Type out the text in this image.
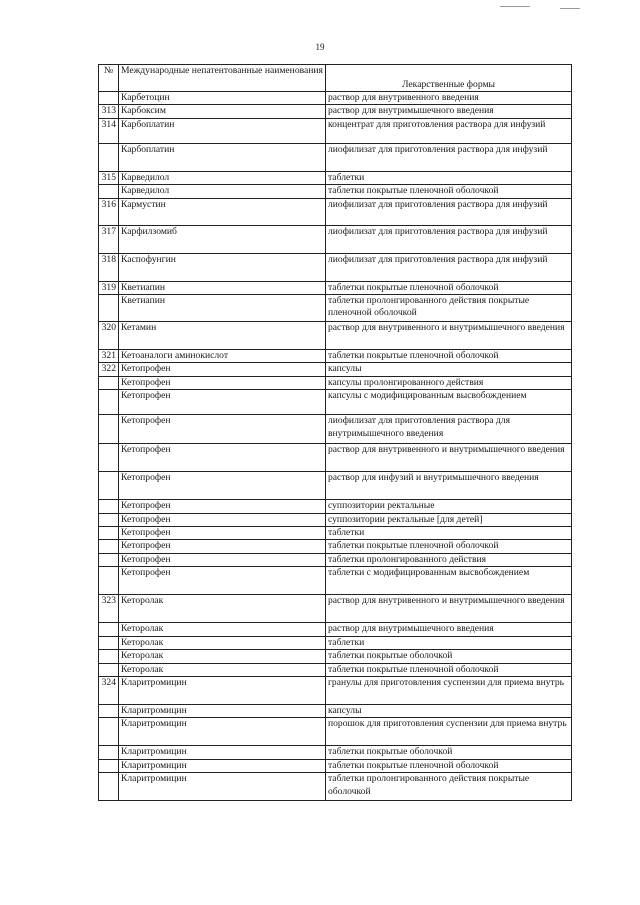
19
№	Международные непатентованные наименования	Лекарственные формы
	Карбетоцин	раствор для внутривенного введения
313	Карбоксим	раствор для внутримышечного введения
314	Карбоплатин	концентрат для приготовления раствора для инфузий
	Карбоплатин	лиофилизат для приготовления раствора для инфузий
315	Карведилол	таблетки
	Карведилол	таблетки покрытые пленочной оболочкой
316	Кармустин	лиофилизат для приготовления раствора для инфузий
317	Карфилзомиб	лиофилизат для приготовления раствора для инфузий
318	Каспофунгин	лиофилизат для приготовления раствора для инфузий
319	Кветиапин	таблетки покрытые пленочной оболочкой
	Кветиапин	таблетки пролонгированного действия покрытые пленочной оболочкой
320	Кетамин	раствор для внутривенного и внутримышечного введения
321	Кетоаналоги аминокислот	таблетки покрытые пленочной оболочкой
322	Кетопрофен	капсулы
	Кетопрофен	капсулы пролонгированного действия
	Кетопрофен	капсулы с модифицированным высвобождением
	Кетопрофен	лиофилизат для приготовления раствора для внутримышечного введения
	Кетопрофен	раствор для внутривенного и внутримышечного введения
	Кетопрофен	раствор для инфузий и внутримышечного введения
	Кетопрофен	суппозитории ректальные
	Кетопрофен	суппозитории ректальные [для детей]
	Кетопрофен	таблетки
	Кетопрофен	таблетки покрытые пленочной оболочкой
	Кетопрофен	таблетки пролонгированного действия
	Кетопрофен	таблетки с модифицированным высвобождением
323	Кеторолак	раствор для внутривенного и внутримышечного введения
	Кеторолак	раствор для внутримышечного введения
	Кеторолак	таблетки
	Кеторолак	таблетки покрытые оболочкой
	Кеторолак	таблетки покрытые пленочной оболочкой
324	Кларитромицин	гранулы для приготовления суспензии для приема внутрь
	Кларитромицин	капсулы
	Кларитромицин	порошок для приготовления суспензии для приема внутрь
	Кларитромицин	таблетки покрытые оболочкой
	Кларитромицин	таблетки покрытые пленочной оболочкой
	Кларитромицин	таблетки пролонгированного действия покрытые оболочкой
